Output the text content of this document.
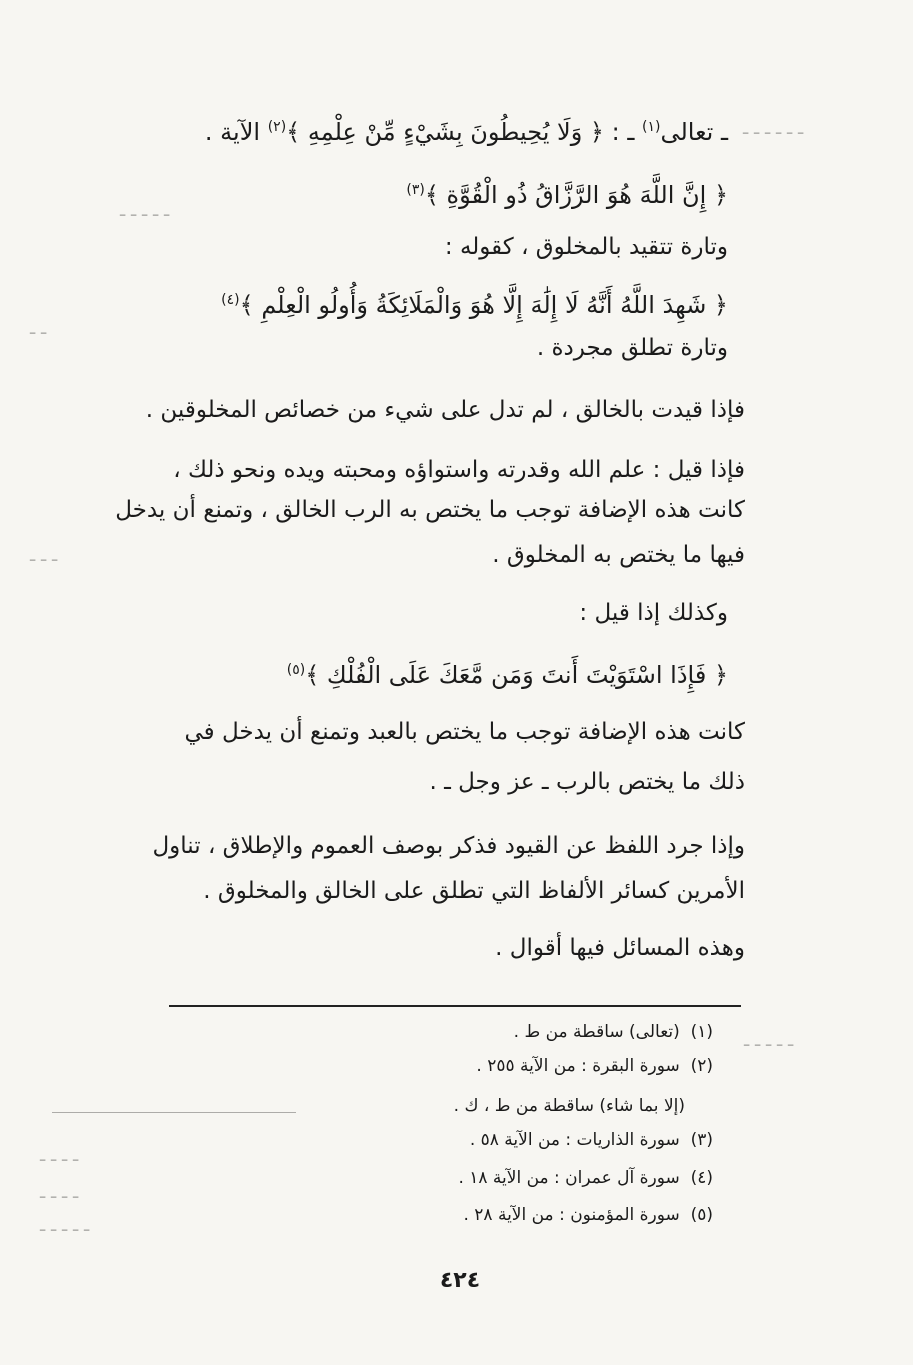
ـ ـ ـ ـ ـ ـ
ـ ـ ـ ـ ـ
ـ ـ
ـ ـ ـ
ـ ـ ـ ـ ـ
ـ ـ ـ ـ
ـ ـ ـ ـ
ـ ـ ـ ـ ـ
ـ تعالى$^{(١)}$ ـ : ﴿ وَلَا يُحِيطُونَ بِشَيْءٍ مِّنْ عِلْمِهِ ﴾$^{(٢)}$ الآية .
﴿ إِنَّ اللَّهَ هُوَ الرَّزَّاقُ ذُو الْقُوَّةِ ﴾$^{(٣)}$
وتارة تتقيد بالمخلوق ، كقوله :
﴿ شَهِدَ اللَّهُ أَنَّهُ لَا إِلَٰهَ إِلَّا هُوَ وَالْمَلَائِكَةُ وَأُولُو الْعِلْمِ ﴾$^{(٤)}$
وتارة تطلق مجردة .
فإذا قيدت بالخالق ، لم تدل على شيء من خصائص المخلوقين .
فإذا قيل : علم الله وقدرته واستواؤه ومحبته ويده ونحو ذلك ،
كانت هذه الإضافة توجب ما يختص به الرب الخالق ، وتمنع أن يدخل
فيها ما يختص به المخلوق .
وكذلك إذا قيل :
﴿ فَإِذَا اسْتَوَيْتَ أَنتَ وَمَن مَّعَكَ عَلَى الْفُلْكِ ﴾$^{(٥)}$
كانت هذه الإضافة توجب ما يختص بالعبد وتمنع أن يدخل في
ذلك ما يختص بالرب ـ عز وجل ـ .
وإذا جرد اللفظ عن القيود فذكر بوصف العموم والإطلاق ، تناول
الأمرين كسائر الألفاظ التي تطلق على الخالق والمخلوق .
وهذه المسائل فيها أقوال .
(١)  (تعالى) ساقطة من ط .
(٢)  سورة البقرة : من الآية ٢٥٥ .
(إلا بما شاء) ساقطة من ط ، ك .
(٣)  سورة الذاريات : من الآية ٥٨ .
(٤)  سورة آل عمران : من الآية ١٨ .
(٥)  سورة المؤمنون : من الآية ٢٨ .
٤٢٤
